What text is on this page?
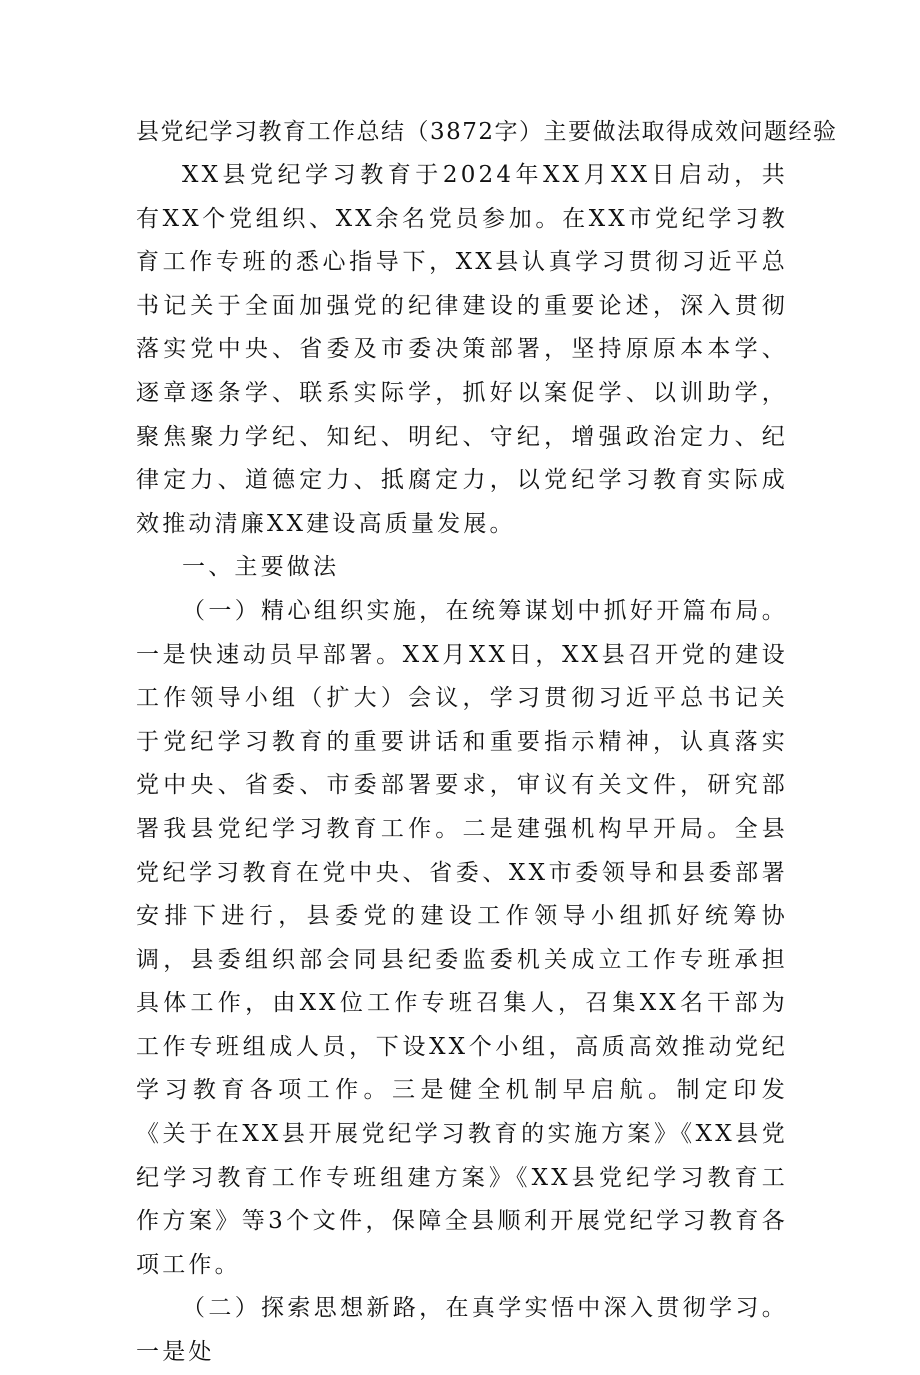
县党纪学习教育工作总结（3872字）主要做法取得成效问题经验

XX县党纪学习教育于2024年XX月XX日启动，共有XX个党组织、XX余名党员参加。在XX市党纪学习教育工作专班的悉心指导下，XX县认真学习贯彻习近平总书记关于全面加强党的纪律建设的重要论述，深入贯彻落实党中央、省委及市委决策部署，坚持原原本本学、逐章逐条学、联系实际学，抓好以案促学、以训助学，聚焦聚力学纪、知纪、明纪、守纪，增强政治定力、纪律定力、道德定力、抵腐定力，以党纪学习教育实际成效推动清廉XX建设高质量发展。

一、主要做法

（一）精心组织实施，在统筹谋划中抓好开篇布局。一是快速动员早部署。XX月XX日，XX县召开党的建设工作领导小组（扩大）会议，学习贯彻习近平总书记关于党纪学习教育的重要讲话和重要指示精神，认真落实党中央、省委、市委部署要求，审议有关文件，研究部署我县党纪学习教育工作。二是建强机构早开局。全县党纪学习教育在党中央、省委、XX市委领导和县委部署安排下进行，县委党的建设工作领导小组抓好统筹协调，县委组织部会同县纪委监委机关成立工作专班承担具体工作，由XX位工作专班召集人，召集XX名干部为工作专班组成人员，下设XX个小组，高质高效推动党纪学习教育各项工作。三是健全机制早启航。制定印发《关于在XX县开展党纪学习教育的实施方案》《XX县党纪学习教育工作专班组建方案》《XX县党纪学习教育工作方案》等3个文件，保障全县顺利开展党纪学习教育各项工作。

（二）探索思想新路，在真学实悟中深入贯彻学习。一是处
